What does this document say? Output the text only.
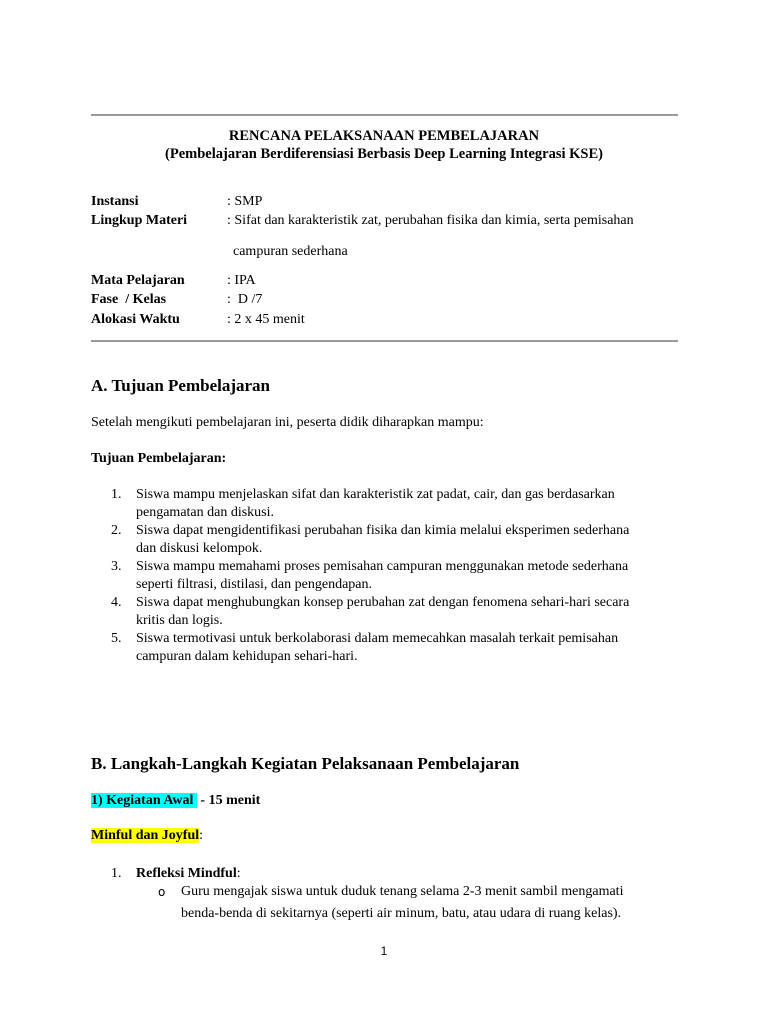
RENCANA PELAKSANAAN PEMBELAJARAN
(Pembelajaran Berdiferensiasi Berbasis Deep Learning Integrasi KSE)
Instansi	: SMP
Lingkup Materi	: Sifat dan karakteristik zat, perubahan fisika dan kimia, serta pemisahan
campuran sederhana
Mata Pelajaran	: IPA
Fase  / Kelas	:  D /7
Alokasi Waktu	: 2 x 45 menit
A. Tujuan Pembelajaran
Setelah mengikuti pembelajaran ini, peserta didik diharapkan mampu:
Tujuan Pembelajaran:
1. Siswa mampu menjelaskan sifat dan karakteristik zat padat, cair, dan gas berdasarkan
pengamatan dan diskusi.
2. Siswa dapat mengidentifikasi perubahan fisika dan kimia melalui eksperimen sederhana
dan diskusi kelompok.
3. Siswa mampu memahami proses pemisahan campuran menggunakan metode sederhana
seperti filtrasi, distilasi, dan pengendapan.
4. Siswa dapat menghubungkan konsep perubahan zat dengan fenomena sehari-hari secara
kritis dan logis.
5. Siswa termotivasi untuk berkolaborasi dalam memecahkan masalah terkait pemisahan
campuran dalam kehidupan sehari-hari.
B. Langkah-Langkah Kegiatan Pelaksanaan Pembelajaran
1) Kegiatan Awal  - 15 menit
Minful dan Joyful:
1. Refleksi Mindful:
o Guru mengajak siswa untuk duduk tenang selama 2-3 menit sambil mengamati
benda-benda di sekitarnya (seperti air minum, batu, atau udara di ruang kelas).
1
